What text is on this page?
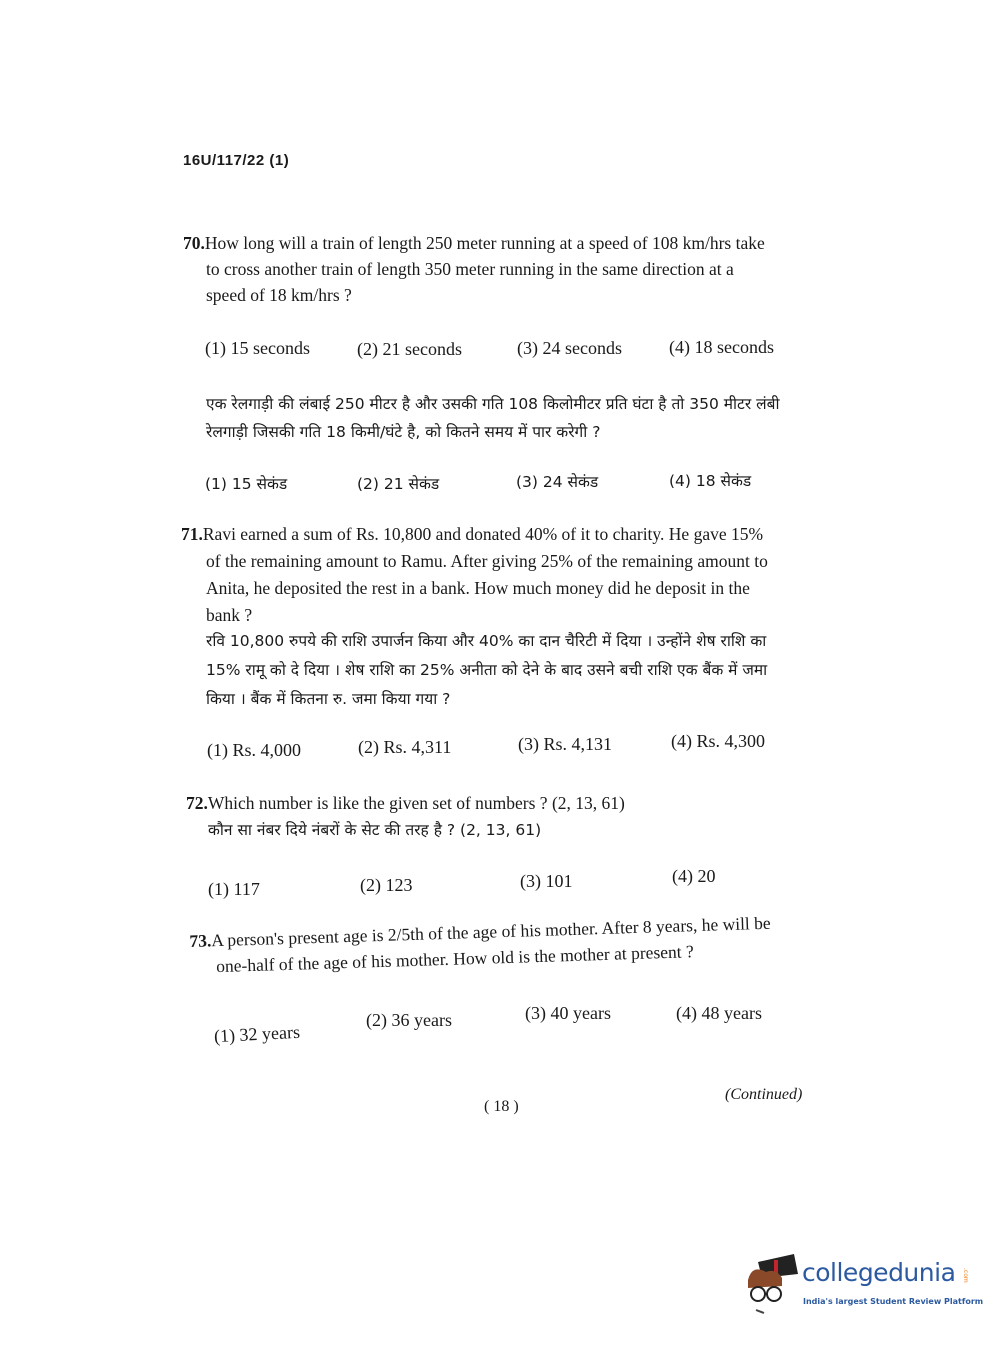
16U/117/22 (1)
70.How long will a train of length 250 meter running at a speed of 108 km/hrs take
to cross another train of length 350 meter running in the same direction at a
speed of 18 km/hrs ?
(1) 15 seconds	(2) 21 seconds	(3) 24 seconds	(4) 18 seconds
एक रेलगाड़ी की लंबाई 250 मीटर है और उसकी गति 108 किलोमीटर प्रति घंटा है तो 350 मीटर लंबी
रेलगाड़ी जिसकी गति 18 किमी/घंटे है, को कितने समय में पार करेगी ?
(1) 15 सेकंड	(2) 21 सेकंड	(3) 24 सेकंड	(4) 18 सेकंड
71.Ravi earned a sum of Rs. 10,800 and donated 40% of it to charity. He gave 15%
of the remaining amount to Ramu. After giving 25% of the remaining amount to
Anita, he deposited the rest in a bank. How much money did he deposit in the
bank ?
रवि 10,800 रुपये की राशि उपार्जन किया और 40% का दान चैरिटी में दिया । उन्होंने शेष राशि का
15% रामू को दे दिया । शेष राशि का 25% अनीता को देने के बाद उसने बची राशि एक बैंक में जमा
किया । बैंक में कितना रु. जमा किया गया ?
(1) Rs. 4,000	(2) Rs. 4,311	(3) Rs. 4,131	(4) Rs. 4,300
72.Which number is like the given set of numbers ? (2, 13, 61)
कौन सा नंबर दिये नंबरों के सेट की तरह है ? (2, 13, 61)
(1) 117	(2) 123	(3) 101	(4) 20
73.A person's present age is 2/5th of the age of his mother. After 8 years, he will be
one-half of the age of his mother. How old is the mother at present ?
(1) 32 years
(2) 36 years	(3) 40 years	(4) 48 years
( 18 )
(Continued)
collegedunia .com
India's largest Student Review Platform
